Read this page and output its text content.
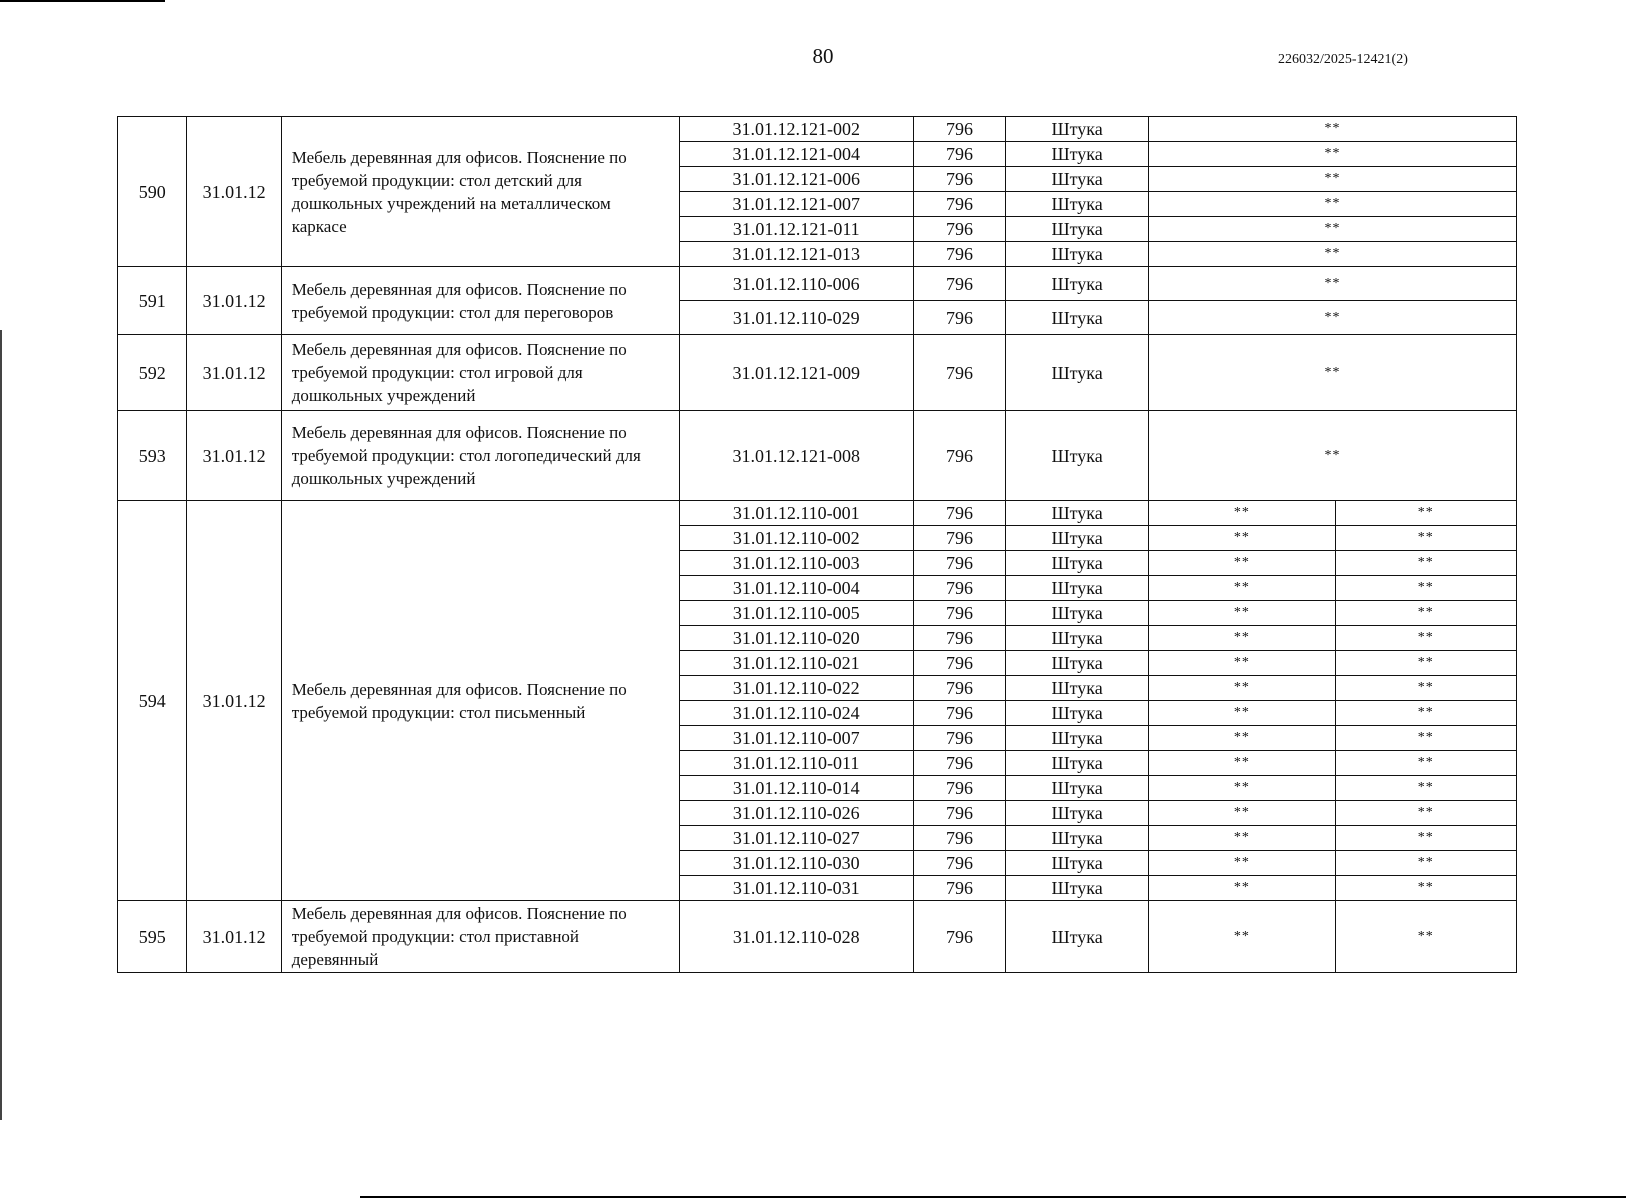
80	226032/2025-12421(2)
590	31.01.12	Мебель деревянная для офисов. Пояснение по требуемой продукции: стол детский для дошкольных учреждений на металлическом каркасе	31.01.12.121-002	796	Штука	**	
			31.01.12.121-004	796	Штука	**	
			31.01.12.121-006	796	Штука	**	
			31.01.12.121-007	796	Штука	**	
			31.01.12.121-011	796	Штука	**	
			31.01.12.121-013	796	Штука	**	
591	31.01.12	Мебель деревянная для офисов. Пояснение по требуемой продукции: стол для переговоров	31.01.12.110-006	796	Штука	**	
			31.01.12.110-029	796	Штука	**	
592	31.01.12	Мебель деревянная для офисов. Пояснение по требуемой продукции: стол игровой для дошкольных учреждений	31.01.12.121-009	796	Штука	**	
593	31.01.12	Мебель деревянная для офисов. Пояснение по требуемой продукции: стол логопедический для дошкольных учреждений	31.01.12.121-008	796	Штука	**	
594	31.01.12	Мебель деревянная для офисов. Пояснение по требуемой продукции: стол письменный	31.01.12.110-001	796	Штука	**	**
			31.01.12.110-002	796	Штука	**	**
			31.01.12.110-003	796	Штука	**	**
			31.01.12.110-004	796	Штука	**	**
			31.01.12.110-005	796	Штука	**	**
			31.01.12.110-020	796	Штука	**	**
			31.01.12.110-021	796	Штука	**	**
			31.01.12.110-022	796	Штука	**	**
			31.01.12.110-024	796	Штука	**	**
			31.01.12.110-007	796	Штука	**	**
			31.01.12.110-011	796	Штука	**	**
			31.01.12.110-014	796	Штука	**	**
			31.01.12.110-026	796	Штука	**	**
			31.01.12.110-027	796	Штука	**	**
			31.01.12.110-030	796	Штука	**	**
			31.01.12.110-031	796	Штука	**	**
595	31.01.12	Мебель деревянная для офисов. Пояснение по требуемой продукции: стол приставной деревянный	31.01.12.110-028	796	Штука	**	**
